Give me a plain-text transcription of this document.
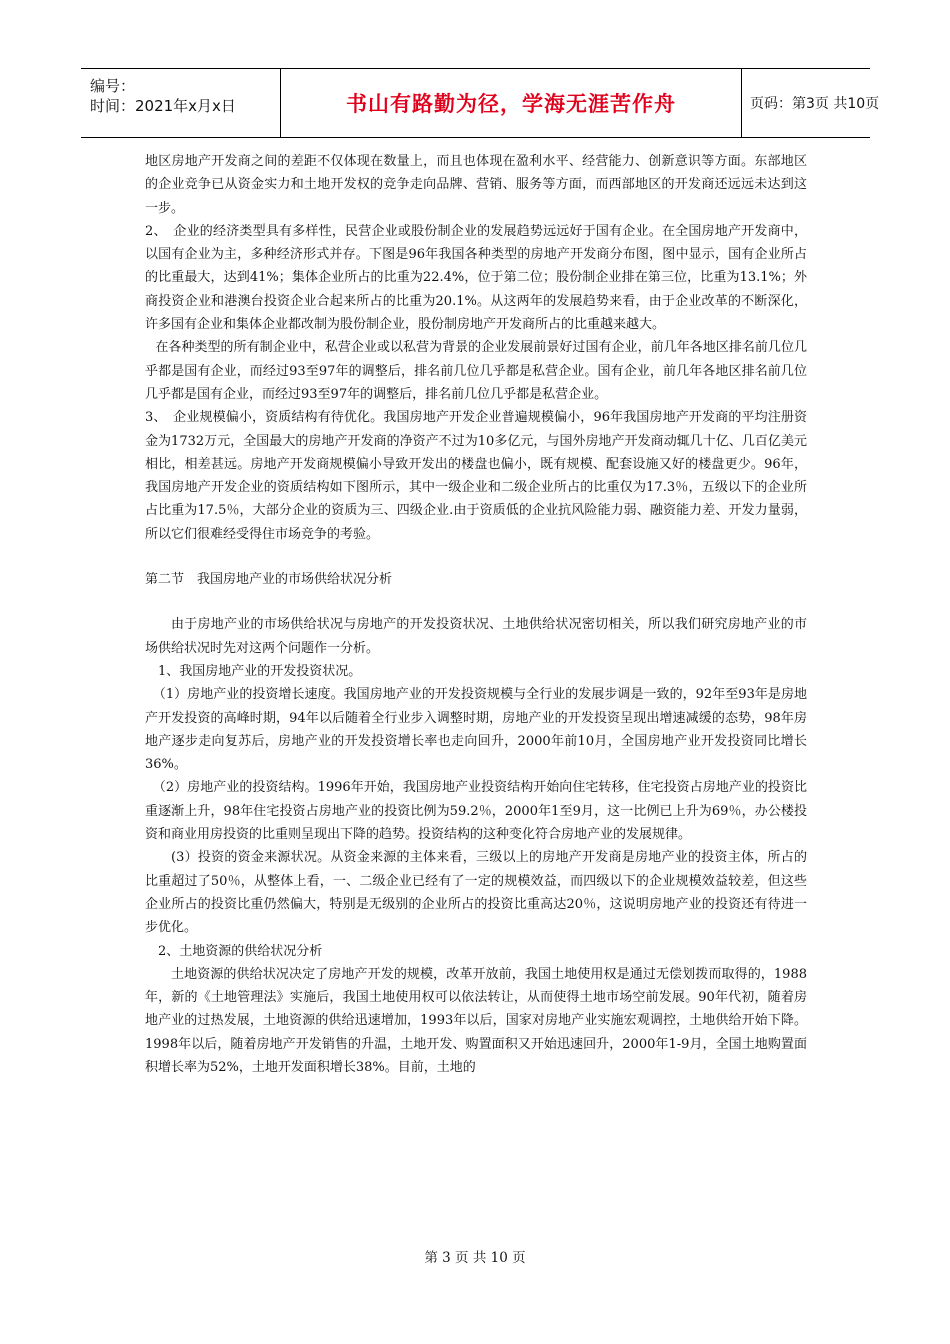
编号：
时间：2021年x月x日	书山有路勤为径，学海无涯苦作舟	页码：第3页 共10页

地区房地产开发商之间的差距不仅体现在数量上，而且也体现在盈利水平、经营能力、创新意识等方面。东部地区的企业竞争已从资金实力和土地开发权的竞争走向品牌、营销、服务等方面，而西部地区的开发商还远远未达到这一步。

2、　企业的经济类型具有多样性，民营企业或股份制企业的发展趋势远远好于国有企业。在全国房地产开发商中，以国有企业为主，多种经济形式并存。下图是96年我国各种类型的房地产开发商分布图，图中显示，国有企业所占的比重最大，达到41%；集体企业所占的比重为22.4%，位于第二位；股份制企业排在第三位，比重为13.1%；外商投资企业和港澳台投资企业合起来所占的比重为20.1%。从这两年的发展趋势来看，由于企业改革的不断深化，许多国有企业和集体企业都改制为股份制企业，股份制房地产开发商所占的比重越来越大。

在各种类型的所有制企业中，私营企业或以私营为背景的企业发展前景好过国有企业，前几年各地区排名前几位几乎都是国有企业，而经过93至97年的调整后，排名前几位几乎都是私营企业。国有企业，前几年各地区排名前几位几乎都是国有企业，而经过93至97年的调整后，排名前几位几乎都是私营企业。

3、　企业规模偏小，资质结构有待优化。我国房地产开发企业普遍规模偏小，96年我国房地产开发商的平均注册资金为1732万元，全国最大的房地产开发商的净资产不过为10多亿元，与国外房地产开发商动辄几十亿、几百亿美元相比，相差甚远。房地产开发商规模偏小导致开发出的楼盘也偏小，既有规模、配套设施又好的楼盘更少。96年，我国房地产开发企业的资质结构如下图所示，其中一级企业和二级企业所占的比重仅为17.3％，五级以下的企业所占比重为17.5％，大部分企业的资质为三、四级企业.由于资质低的企业抗风险能力弱、融资能力差、开发力量弱，所以它们很难经受得住市场竞争的考验。

第二节　我国房地产业的市场供给状况分析

由于房地产业的市场供给状况与房地产的开发投资状况、土地供给状况密切相关，所以我们研究房地产业的市场供给状况时先对这两个问题作一分析。

1、我国房地产业的开发投资状况。

（1）房地产业的投资增长速度。我国房地产业的开发投资规模与全行业的发展步调是一致的，92年至93年是房地产开发投资的高峰时期，94年以后随着全行业步入调整时期，房地产业的开发投资呈现出增速减缓的态势，98年房地产逐步走向复苏后，房地产业的开发投资增长率也走向回升，2000年前10月，全国房地产业开发投资同比增长36%。

（2）房地产业的投资结构。1996年开始，我国房地产业投资结构开始向住宅转移，住宅投资占房地产业的投资比重逐渐上升，98年住宅投资占房地产业的投资比例为59.2％，2000年1至9月，这一比例已上升为69％，办公楼投资和商业用房投资的比重则呈现出下降的趋势。投资结构的这种变化符合房地产业的发展规律。

(3）投资的资金来源状况。从资金来源的主体来看，三级以上的房地产开发商是房地产业的投资主体，所占的比重超过了50％，从整体上看，一、二级企业已经有了一定的规模效益，而四级以下的企业规模效益较差，但这些企业所占的投资比重仍然偏大，特别是无级别的企业所占的投资比重高达20％，这说明房地产业的投资还有待进一步优化。

2、土地资源的供给状况分析

土地资源的供给状况决定了房地产开发的规模，改革开放前，我国土地使用权是通过无偿划拨而取得的，1988年，新的《土地管理法》实施后，我国土地使用权可以依法转让，从而使得土地市场空前发展。90年代初，随着房地产业的过热发展，土地资源的供给迅速增加，1993年以后，国家对房地产业实施宏观调控，土地供给开始下降。1998年以后，随着房地产开发销售的升温，土地开发、购置面积又开始迅速回升，2000年1-9月，全国土地购置面积增长率为52%，土地开发面积增长38%。目前，土地的

第 3 页 共 10 页
